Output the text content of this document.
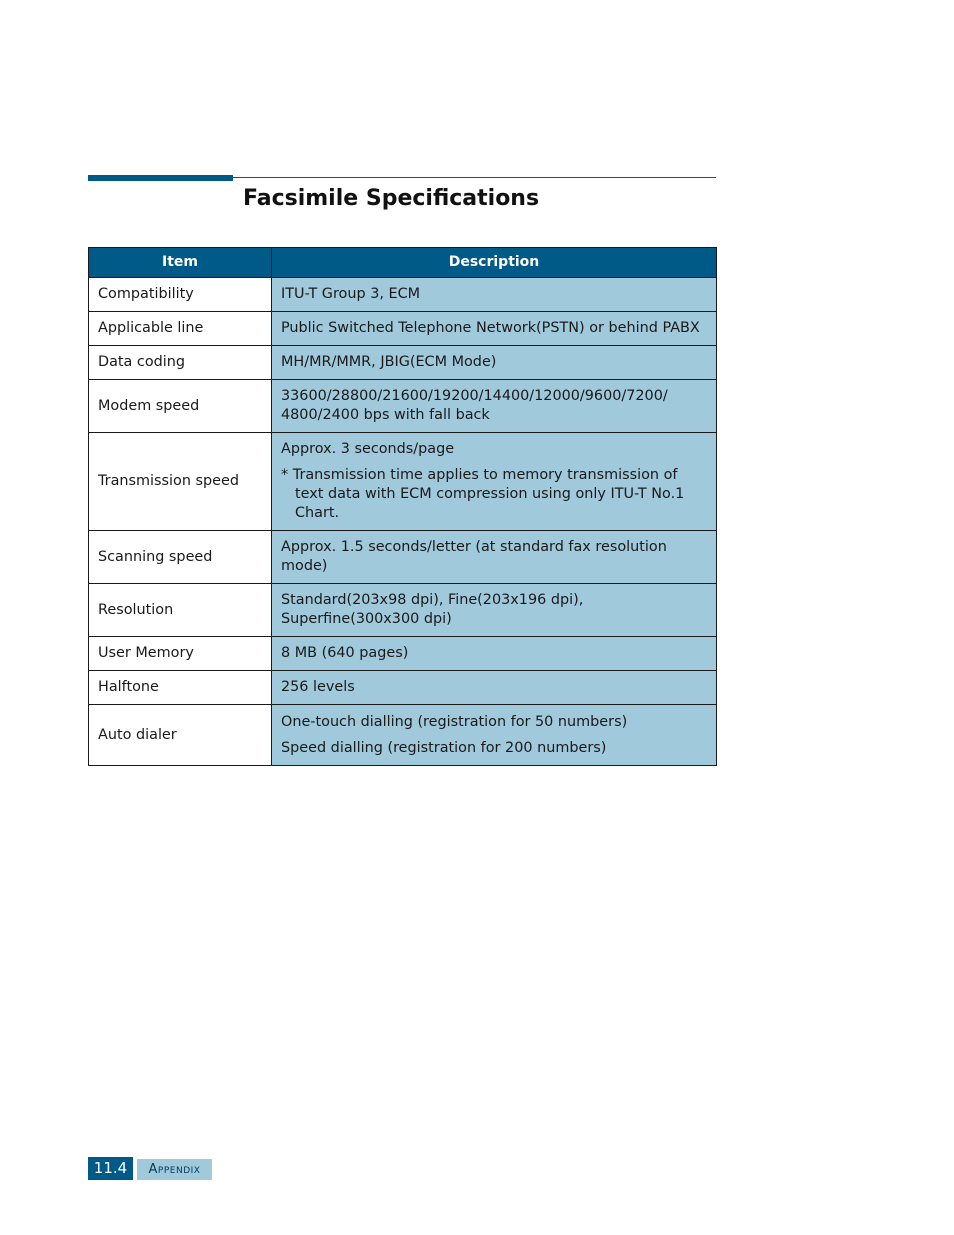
Facsimile Specifications
Item	Description
Compatibility	ITU-T Group 3, ECM

Applicable line	Public Switched Telephone Network(PSTN) or behind PABX

Data coding	MH/MR/MMR, JBIG(ECM Mode)

Modem speed	33600/28800/21600/19200/14400/12000/9600/7200/
4800/2400 bps with fall back

Transmission speed	Approx. 3 seconds/page
* Transmission time applies to memory transmission of text data with ECM compression using only ITU-T No.1 Chart.

Scanning speed	Approx. 1.5 seconds/letter (at standard fax resolution mode)

Resolution	Standard(203x98 dpi), Fine(203x196 dpi),
Superfine(300x300 dpi)

User Memory	8 MB (640 pages)

Halftone	256 levels

Auto dialer	One-touch dialling (registration for 50 numbers)
Speed dialling (registration for 200 numbers)
11.4	Appendix
